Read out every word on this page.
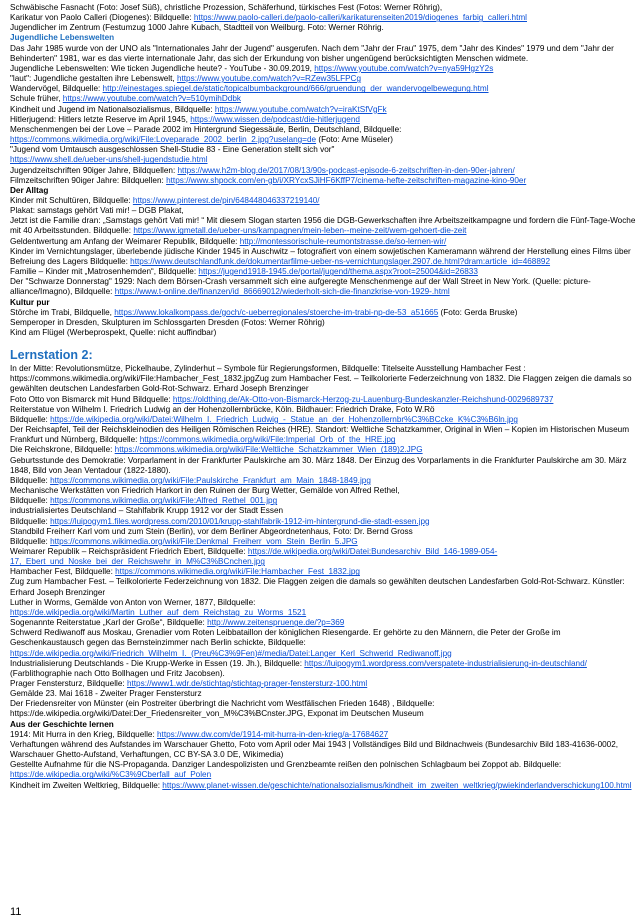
Schwäbische Fasnacht (Foto: Josef Süß), christliche Prozession, Schäferhund, türkisches Fest (Fotos: Werner Röhrig),

Karikatur von Paolo Calleri (Diogenes): Bildquelle: https://www.paolo-calleri.de/paolo-calleri/karikaturenseiten2019/diogenes_farbig_calleri.html

Jugendlicher im Zentrum (Festumzug 1000 Jahre Kubach, Stadtteil von Weilburg. Foto: Werner Röhrig.

Jugendliche Lebenswelten

Das Jahr 1985 wurde von der UNO als "Internationales Jahr der Jugend" ausgerufen. Nach dem "Jahr der Frau" 1975, dem "Jahr des Kindes" 1979 und dem "Jahr der Behinderten" 1981, war es das vierte internationale Jahr, das sich der Erkundung von bisher ungenügend berücksichtigten Menschen widmete.

Jugendliche Lebenswelten: Wie ticken Jugendliche heute? - YouTube - 30.09.2019, https://www.youtube.com/watch?v=nya59HgzY2s

"laut": Jugendliche gestalten ihre Lebenswelt, https://www.youtube.com/watch?v=RZew35LFPCg

Wandervögel, Bildquelle: http://einestages.spiegel.de/static/topicalbumbackground/666/gruendung_der_wandervogelbewegung.html

Schule früher, https://www.youtube.com/watch?v=510ymihDdbk

Kindheit und Jugend im Nationalsozialismus, Bildquelle: https://www.youtube.com/watch?v=iraKtSfVgFk

Hitlerjugend: Hitlers letzte Reserve im April 1945, https://www.wissen.de/podcast/die-hitlerjugend

Menschenmengen bei der Love – Parade 2002 im Hintergrund Siegessäule, Berlin, Deutschland, Bildquelle:

https://commons.wikimedia.org/wiki/File:Loveparade_2002_berlin_2.jpg?uselang=de (Foto: Arne Müseler)

"Jugend vom Umtausch ausgeschlossen Shell-Studie 83 - Eine Generation stellt sich vor"

https://www.shell.de/ueber-uns/shell-jugendstudie.html

Jugendzeitschriften 90iger Jahre, Bildquellen: https://www.h2m-blog.de/2017/08/13/90s-podcast-episode-6-zeitschriften-in-den-90er-jahren/

Filmzeitschriften 90iger Jahre: Bildquellen: https://www.shpock.com/en-gb/i/XRYcxSJiHF6KffP7/cinema-hefte-zeitschriften-magazine-kino-90er

Der Alltag

Kinder mit Schultüren, Bildquelle: https://www.pinterest.de/pin/648448046337219140/

Plakat: samstags gehört Vati mir! – DGB Plakat,

Jetzt ist die Familie dran: „Samstags gehört Vati mir! “ Mit diesem Slogan starten 1956 die DGB-Gewerkschaften ihre Arbeitszeitkampagne und fordern die Fünf-Tage-Woche mit 40 Arbeitsstunden. Bildquelle: https://www.igmetall.de/ueber-uns/kampagnen/mein-leben--meine-zeit/wem-gehoert-die-zeit

Geldentwertung am Anfang der Weimarer Republik, Bildquelle: http://montessorischule-reumontstrasse.de/so-lernen-wir/

Kinder im Vernichtungslager, überlebende jüdische Kinder 1945 in Auschwitz – fotografiert von einem sowjetischen Kameramann während der Herstellung eines Films über Befreiung des Lagers Bildquelle: https://www.deutschlandfunk.de/dokumentarfilme-ueber-ns-vernichtungslager.2907.de.html?dram:article_id=468892

Familie – Kinder mit „Matrosenhemden“, Bildquelle: https://jugend1918-1945.de/portal/jugend/thema.aspx?root=25004&id=26833

Der "Schwarze Donnerstag" 1929: Nach dem Börsen-Crash versammelt sich eine aufgeregte Menschenmenge auf der Wall Street in New York. (Quelle: picture-alliance/Imagno), Bildquelle: https://www.t-online.de/finanzen/id_86669012/wiederholt-sich-die-finanzkrise-von-1929-.html

Kultur pur

Störche im Trabi, Bildquelle, https://www.lokalkompass.de/goch/c-ueberregionales/stoerche-im-trabi-np-de-53_a51665 (Foto: Gerda Bruske)

Semperoper in Dresden, Skulpturen im Schlossgarten Dresden (Fotos: Werner Röhrig)

Kind am Flügel (Werbeprospekt, Quelle: nicht auffindbar)

Lernstation 2:

In der Mitte: Revolutionsmütze, Pickelhaube, Zylinderhut – Symbole für Regierungsformen, Bildquelle: Titelseite Ausstellung Hambacher Fest : https://commons.wikimedia.org/wiki/File:Hambacher_Fest_1832.jpgZug zum Hambacher Fest. – Teilkolorierte Federzeichnung von 1832. Die Flaggen zeigen die damals so gewählten deutschen Landesfarben Gold-Rot-Schwarz. Erhard Joseph Brenzinger

Foto Otto von Bismarck mit Hund Bildquelle: https://oldthing.de/Ak-Otto-von-Bismarck-Herzog-zu-Lauenburg-Bundeskanzler-Reichshund-0029689737

Reiterstatue von Wilhelm I. Friedrich Ludwig an der Hohenzollernbrücke, Köln. Bildhauer: Friedrich Drake, Foto W.Rö

Bildquelle: https://de.wikipedia.org/wiki/Datei:Wilhelm_I._Friedrich_Ludwig_-_Statue_an_der_Hohenzollernbr%C3%BCcke_K%C3%B6ln.jpg

Der Reichsapfel, Teil der Reichskleinodien des Heiligen Römischen Reiches (HRE). Standort: Weltliche Schatzkammer, Original in Wien – Kopien im Historischen Museum Frankfurt und Nürnberg, Bildquelle: https://commons.wikimedia.org/wiki/File:Imperial_Orb_of_the_HRE.jpg

Die Reichskrone, Bildquelle: https://commons.wikimedia.org/wiki/File:Weltliche_Schatzkammer_Wien_(189)2.JPG

Geburtsstunde des Demokratie: Vorparlament in der Frankfurter Paulskirche am 30. März 1848. Der Einzug des Vorparlaments in die Frankfurter Paulskirche am 30. März 1848, Bild von Jean Ventadour (1822-1880).

Bildquelle: https://commons.wikimedia.org/wiki/File:Paulskirche_Frankfurt_am_Main_1848-1849.jpg

Mechanische Werkstätten von Friedrich Harkort in den Ruinen der Burg Wetter, Gemälde von Alfred Rethel,

Bildquelle: https://commons.wikimedia.org/wiki/File:Alfred_Rethel_001.jpg

industrialisiertes Deutschland – Stahlfabrik Krupp 1912 vor der Stadt Essen

Bildquelle: https://luipogym1.files.wordpress.com/2010/01/krupp-stahlfabrik-1912-im-hintergrund-die-stadt-essen.jpg

Standbild Freiherr Karl vom und zum Stein (Berlin), vor dem Berliner Abgeordnetenhaus, Foto: Dr. Bernd Gross

Bildquelle: https://commons.wikimedia.org/wiki/File:Denkmal_Freiherr_vom_Stein_Berlin_5.JPG

Weimarer Republik – Reichspräsident Friedrich Ebert, Bildquelle: https://de.wikipedia.org/wiki/Datei:Bundesarchiv_Bild_146-1989-054-17,_Ebert_und_Noske_bei_der_Reichswehr_in_M%C3%BCnchen.jpg

Hambacher Fest, Bildquelle: https://commons.wikimedia.org/wiki/File:Hambacher_Fest_1832.jpg

Zug zum Hambacher Fest. – Teilkolorierte Federzeichnung von 1832. Die Flaggen zeigen die damals so gewählten deutschen Landesfarben Gold-Rot-Schwarz. Künstler: Erhard Joseph Brenzinger

Luther in Worms, Gemälde von Anton von Werner, 1877, Bildquelle:

https://de.wikipedia.org/wiki/Martin_Luther_auf_dem_Reichstag_zu_Worms_1521

Sogenannte Reiterstatue „Karl der Große“, Bildquelle: http://www.zeitenspruenge.de/?p=369

Schwerd Rediwanoff aus Moskau, Grenadier vom Roten Leibbataillon der königlichen Riesengarde. Er gehörte zu den Männern, die Peter der Große im Geschenkaustausch gegen das Bernsteinzimmer nach Berlin schickte, Bildquelle:

https://de.wikipedia.org/wiki/Friedrich_Wilhelm_I._(Preu%C3%9Fen)#/media/Datei:Langer_Kerl_Schwerid_Rediwanoff.jpg

Industrialisierung Deutschlands - Die Krupp-Werke in Essen (19. Jh.), Bildquelle: https://luipogym1.wordpress.com/verspatete-industrialisierung-in-deutschland/ (Farblithographie nach Otto Bollhagen und Fritz Jacobsen).

Prager Fenstersturz, Bildquelle: https://www1.wdr.de/stichtag/stichtag-prager-fenstersturz-100.html

Gemälde 23. Mai 1618 - Zweiter Prager Fenstersturz

Der Friedensreiter von Münster (ein Postreiter überbringt die Nachricht vom Westfälischen Frieden 1648) , Bildquelle:

https://de.wikipedia.org/wiki/Datei:Der_Friedensreiter_von_M%C3%BCnster.JPG, Exponat im Deutschen Museum

Aus der Geschichte lernen

1914: Mit Hurra in den Krieg, Bildquelle: https://www.dw.com/de/1914-mit-hurra-in-den-krieg/a-17684627

Verhaftungen während des Aufstandes im Warschauer Ghetto, Foto vom April oder Mai 1943 | Vollständiges Bild und Bildnachweis (Bundesarchiv Bild 183-41636-0002, Warschauer Ghetto-Aufstand, Verhaftungen, CC BY-SA 3.0 DE, Wikimedia)

Gestellte Aufnahme für die NS-Propaganda. Danziger Landespolizisten und Grenzbeamte reißen den polnischen Schlagbaum bei Zoppot ab. Bildquelle: https://de.wikipedia.org/wiki/%C3%9Cberfall_auf_Polen

Kindheit im Zweiten Weltkrieg, Bildquelle: https://www.planet-wissen.de/geschichte/nationalsozialismus/kindheit_im_zweiten_weltkrieg/pwiekinderlandverschickung100.html

11
